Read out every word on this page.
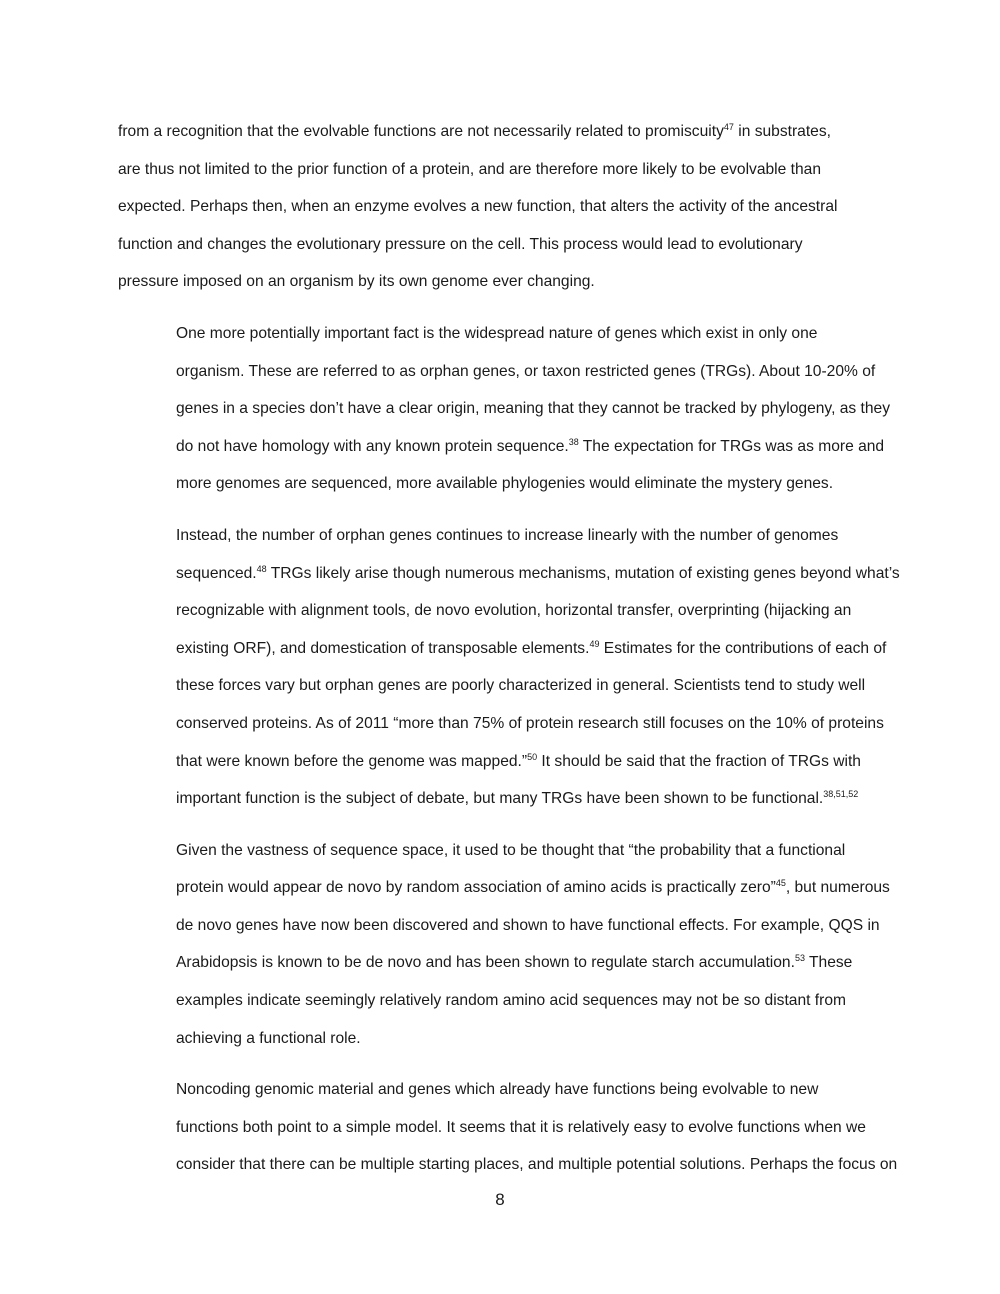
from a recognition that the evolvable functions are not necessarily related to promiscuity$^{47}$ in substrates,
are thus not limited to the prior function of a protein, and are therefore more likely to be evolvable than
expected. Perhaps then, when an enzyme evolves a new function, that alters the activity of the ancestral
function and changes the evolutionary pressure on the cell. This process would lead to evolutionary
pressure imposed on an organism by its own genome ever changing.

One more potentially important fact is the widespread nature of genes which exist in only one
organism. These are referred to as orphan genes, or taxon restricted genes (TRGs). About 10-20% of
genes in a species don’t have a clear origin, meaning that they cannot be tracked by phylogeny, as they
do not have homology with any known protein sequence.$^{38}$ The expectation for TRGs was as more and
more genomes are sequenced, more available phylogenies would eliminate the mystery genes.

Instead, the number of orphan genes continues to increase linearly with the number of genomes
sequenced.$^{48}$ TRGs likely arise though numerous mechanisms, mutation of existing genes beyond what’s
recognizable with alignment tools, de novo evolution, horizontal transfer, overprinting (hijacking an
existing ORF), and domestication of transposable elements.$^{49}$ Estimates for the contributions of each of
these forces vary but orphan genes are poorly characterized in general. Scientists tend to study well
conserved proteins. As of 2011 “more than 75% of protein research still focuses on the 10% of proteins
that were known before the genome was mapped.”$^{50}$ It should be said that the fraction of TRGs with
important function is the subject of debate, but many TRGs have been shown to be functional.$^{38,51,52}$

Given the vastness of sequence space, it used to be thought that “the probability that a functional
protein would appear de novo by random association of amino acids is practically zero”$^{45}$, but numerous
de novo genes have now been discovered and shown to have functional effects. For example, QQS in
Arabidopsis is known to be de novo and has been shown to regulate starch accumulation.$^{53}$ These
examples indicate seemingly relatively random amino acid sequences may not be so distant from
achieving a functional role.

Noncoding genomic material and genes which already have functions being evolvable to new
functions both point to a simple model. It seems that it is relatively easy to evolve functions when we
consider that there can be multiple starting places, and multiple potential solutions. Perhaps the focus on

8
